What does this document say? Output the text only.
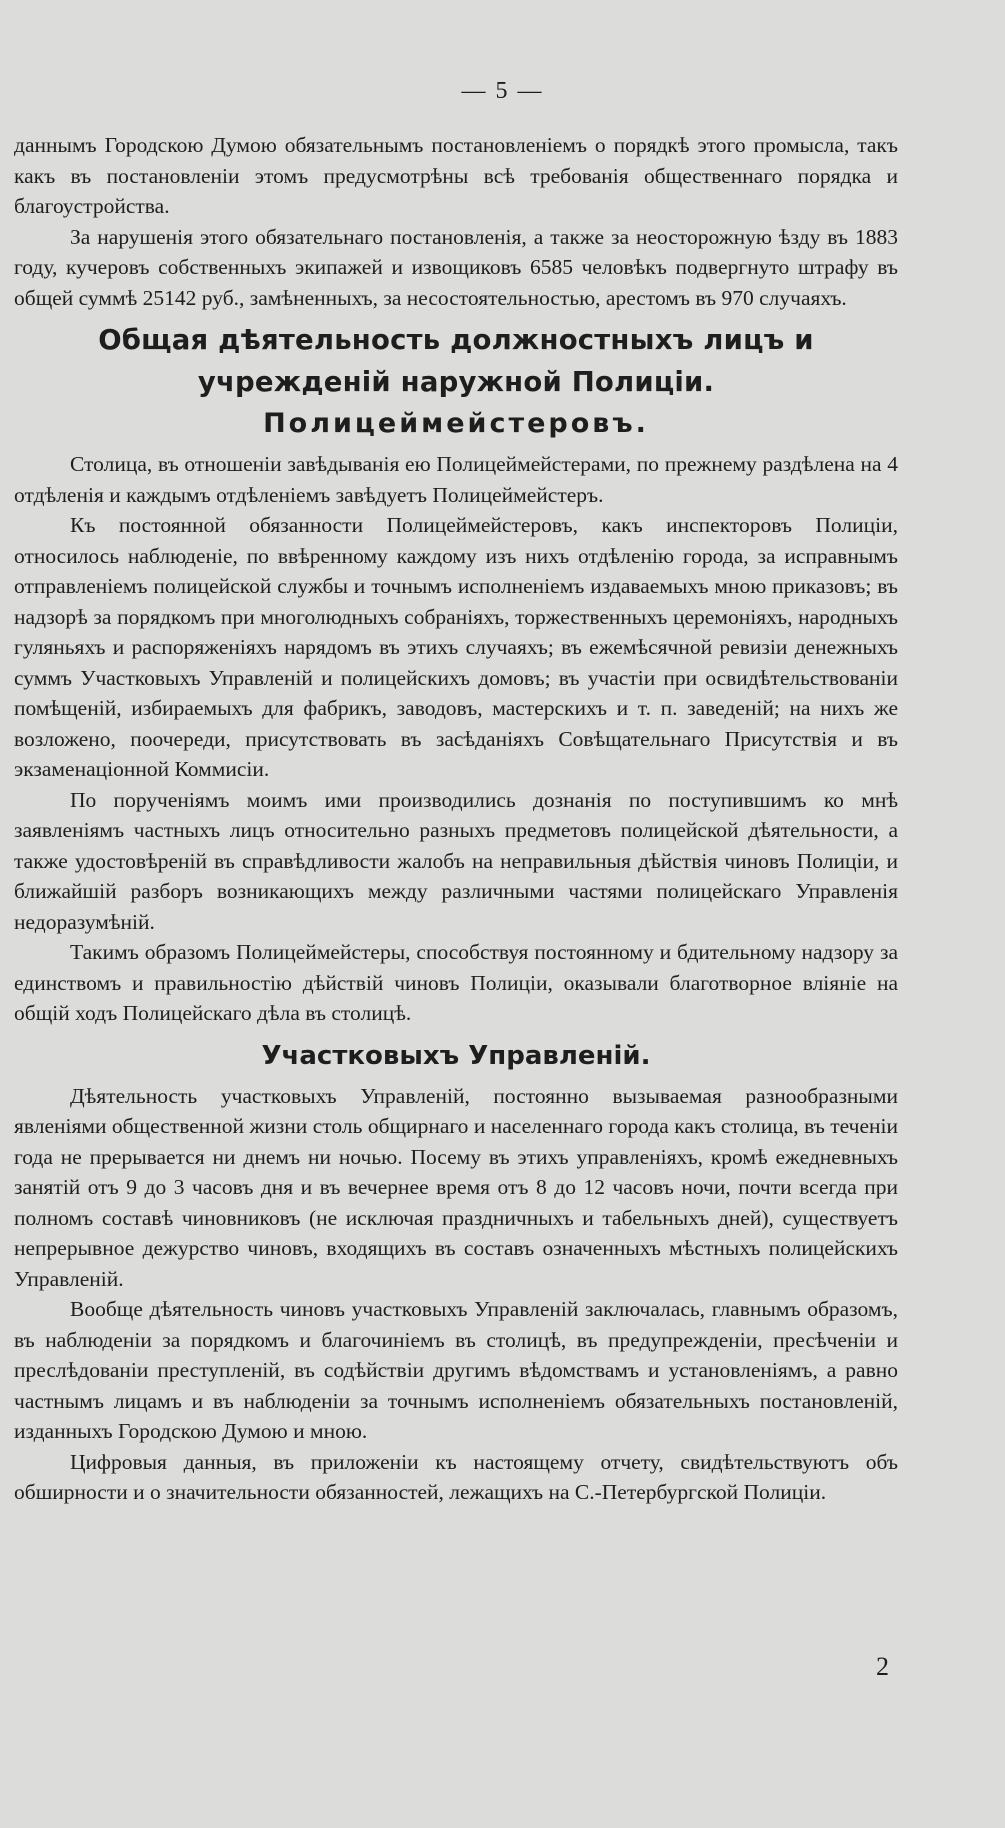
— 5 —

даннымъ Городскою Думою обязательнымъ постановленiемъ о порядкѣ этого промысла, такъ какъ въ постановленiи этомъ предусмотрѣны всѣ требованiя общественнаго порядка и благоустройства.

За нарушенiя этого обязательнаго постановленiя, а также за неосторожную ѣзду въ 1883 году, кучеровъ собственныхъ экипажей и извощиковъ 6585 человѣкъ подвергнуто штрафу въ общей суммѣ 25142 руб., замѣненныхъ, за несостоятельностью, арестомъ въ 970 случаяхъ.

Общая дѣятельность должностныхъ лицъ и учрежденiй наружной Полицiи.
Полицеймейстеровъ.

Столица, въ отношенiи завѣдыванiя ею Полицеймейстерами, по прежнему раздѣлена на 4 отдѣленiя и каждымъ отдѣленiемъ завѣдуетъ Полицеймейстеръ.

Къ постоянной обязанности Полицеймейстеровъ, какъ инспекторовъ Полицiи, относилось наблюденiе, по ввѣренному каждому изъ нихъ отдѣленiю города, за исправнымъ отправленiемъ полицейской службы и точнымъ исполненiемъ издаваемыхъ мною приказовъ; въ надзорѣ за порядкомъ при многолюдныхъ собранiяхъ, торжественныхъ церемонiяхъ, народныхъ гуляньяхъ и распоряженiяхъ нарядомъ въ этихъ случаяхъ; въ ежемѣсячной ревизiи денежныхъ суммъ Участковыхъ Управленiй и полицейскихъ домовъ; въ участiи при освидѣтельствованiи помѣщенiй, избираемыхъ для фабрикъ, заводовъ, мастерскихъ и т. п. заведенiй; на нихъ же возложено, поочереди, присутствовать въ засѣданiяхъ Совѣщательнаго Присутствiя и въ экзаменацiонной Коммисiи.

По порученiямъ моимъ ими производились дознанiя по поступившимъ ко мнѣ заявленiямъ частныхъ лицъ относительно разныхъ предметовъ полицейской дѣятельности, а также удостовѣренiй въ справѣдливости жалобъ на неправильныя дѣйствiя чиновъ Полицiи, и ближайшiй разборъ возникающихъ между различными частями полицейскаго Управленiя недоразумѣнiй.

Такимъ образомъ Полицеймейстеры, способствуя постоянному и бдительному надзору за единствомъ и правильностiю дѣйствiй чиновъ Полицiи, оказывали благотворное влiянiе на общiй ходъ Полицейскаго дѣла въ столицѣ.

Участковыхъ Управленiй.

Дѣятельность участковыхъ Управленiй, постоянно вызываемая разнообразными явленiями общественной жизни столь общирнаго и населеннаго города какъ столица, въ теченiи года не прерывается ни днемъ ни ночью. Посему въ этихъ управленiяхъ, кромѣ ежедневныхъ занятiй отъ 9 до 3 часовъ дня и въ вечернее время отъ 8 до 12 часовъ ночи, почти всегда при полномъ составѣ чиновниковъ (не исключая праздничныхъ и табельныхъ дней), существуетъ непрерывное дежурство чиновъ, входящихъ въ составъ означенныхъ мѣстныхъ полицейскихъ Управленiй.

Вообще дѣятельность чиновъ участковыхъ Управленiй заключалась, главнымъ образомъ, въ наблюденiи за порядкомъ и благочинiемъ въ столицѣ, въ предупрежденiи, пресѣченiи и преслѣдованiи преступленiй, въ содѣйствiи другимъ вѣдомствамъ и установленiямъ, а равно частнымъ лицамъ и въ наблюденiи за точнымъ исполненiемъ обязательныхъ постановленiй, изданныхъ Городскою Думою и мною.

Цифровыя данныя, въ приложенiи къ настоящему отчету, свидѣтельствуютъ объ обширности и о значительности обязанностей, лежащихъ на С.-Петербургской Полицiи.

2
